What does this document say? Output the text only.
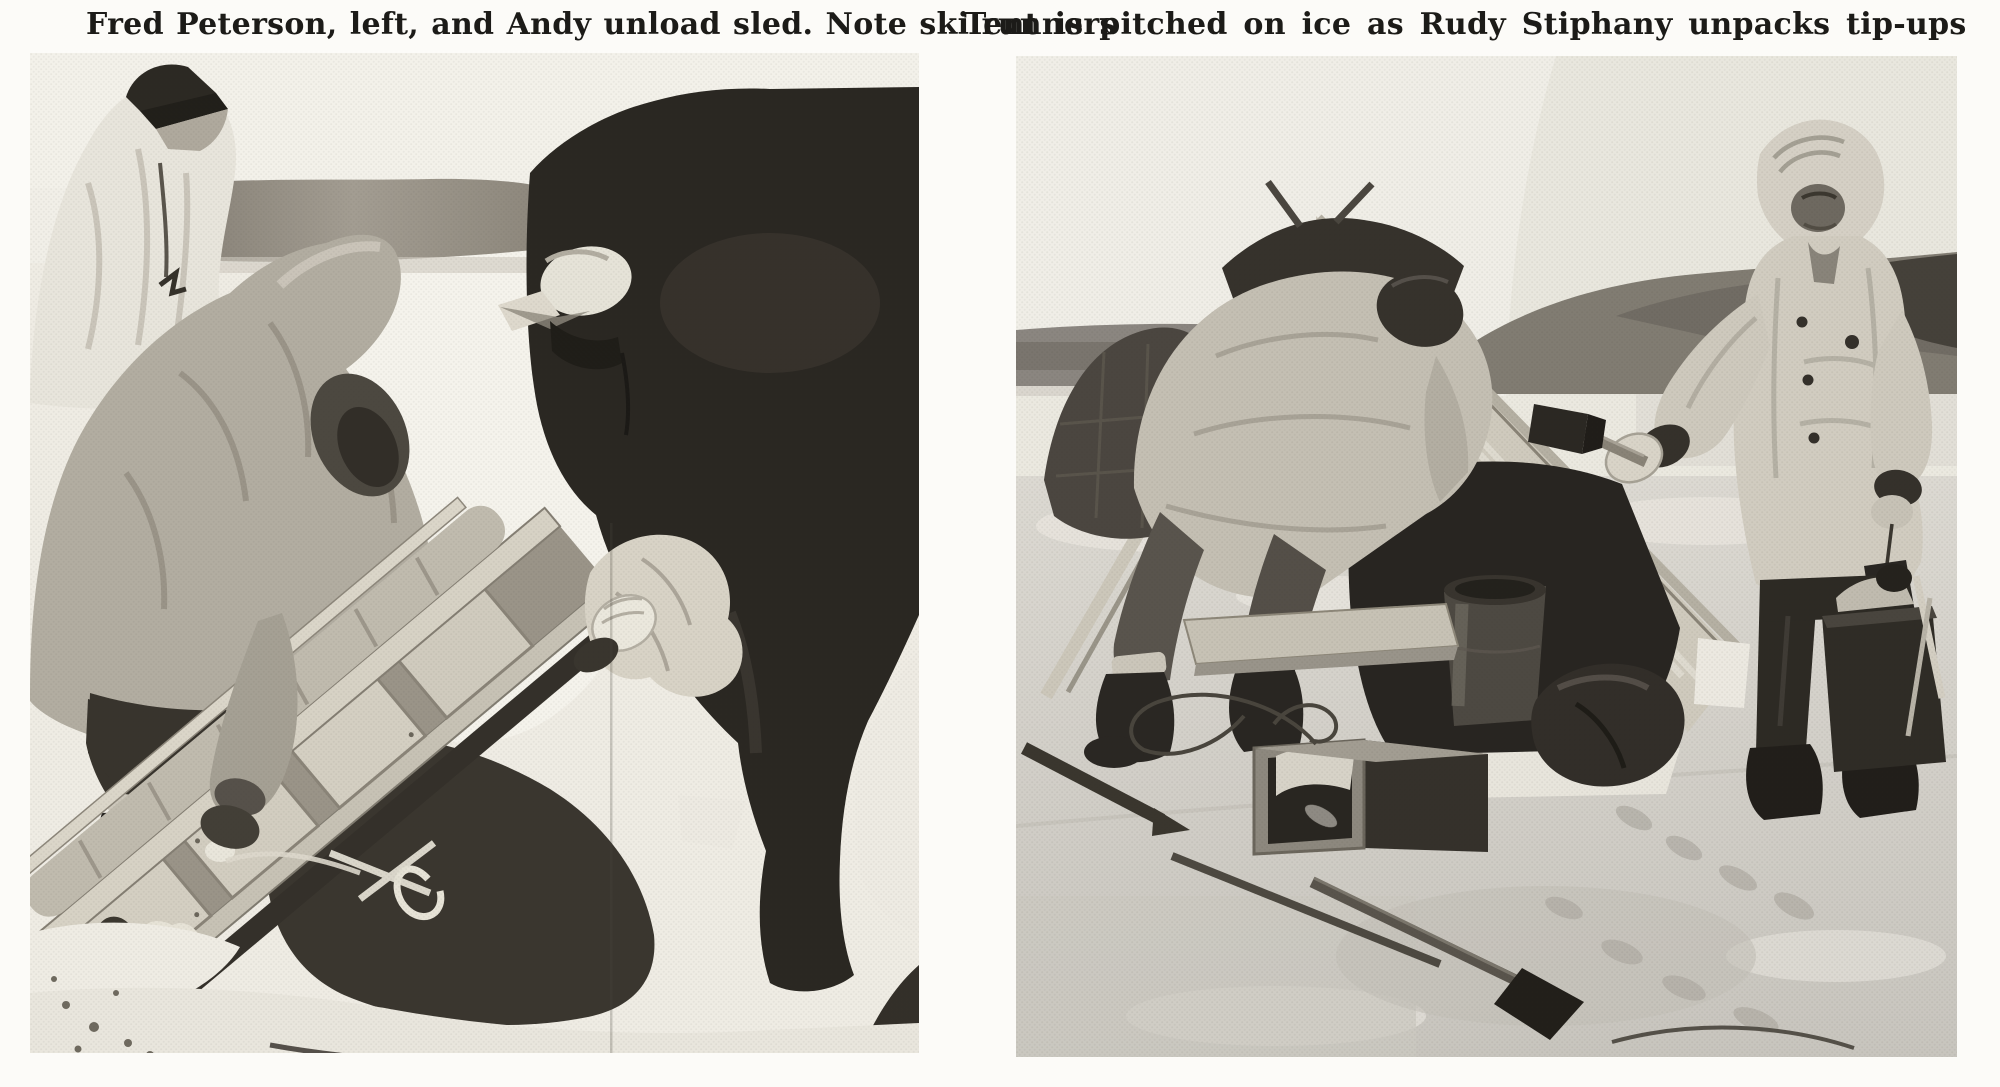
Fred Peterson, left, and Andy unload sled. Note ski runners
Tent is pitched on ice as Rudy Stiphany unpacks tip-ups
